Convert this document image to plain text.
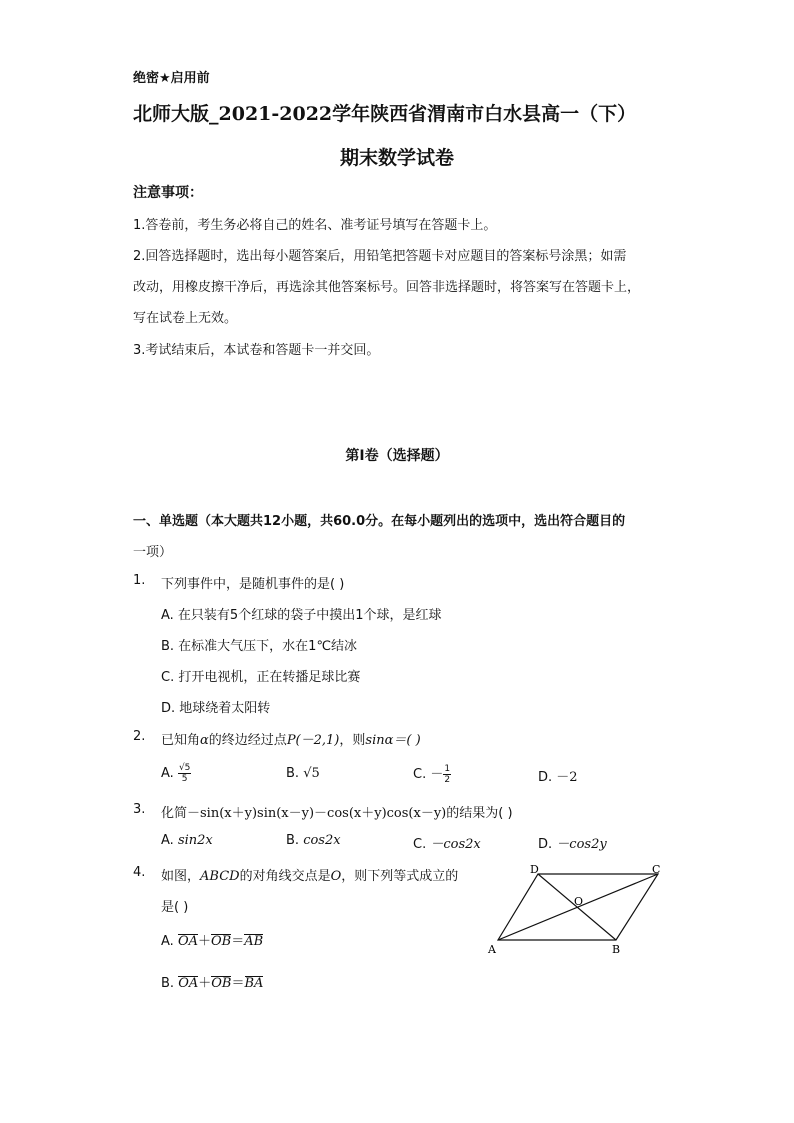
绝密★启用前
北师大版_2021-2022学年陕西省渭南市白水县高一（下）
期末数学试卷
注意事项：
1.答卷前，考生务必将自己的姓名、准考证号填写在答题卡上。
2.回答选择题时，选出每小题答案后，用铅笔把答题卡对应题目的答案标号涂黑；如需
改动，用橡皮擦干净后，再选涂其他答案标号。回答非选择题时，将答案写在答题卡上，
写在试卷上无效。
3.考试结束后，本试卷和答题卡一并交回。
第I卷（选择题）
一、单选题（本大题共12小题，共60.0分。在每小题列出的选项中，选出符合题目的
一项）
1. 下列事件中，是随机事件的是( )
A. 在只装有5个红球的袋子中摸出1个球，是红球
B. 在标准大气压下，水在1℃结冰
C. 打开电视机，正在转播足球比赛
D. 地球绕着太阳转
2. 已知角α的终边经过点P(－2,1)，则sinα＝( )
A. $\frac{√5}{5}$	B. √5	C. － $\frac{1}{2}$	D. －2
3. 化简－sin(x＋y)sin(x－y)－cos(x＋y)cos(x－y)的结果为( )
A. sin2x	B. cos2x	C. －cos2x	D. －cos2y
4. 如图，ABCD的对角线交点是O，则下列等式成立的
是( )
A. OA＋OB＝AB
B. OA＋OB＝BA
A	B
C
D
O
